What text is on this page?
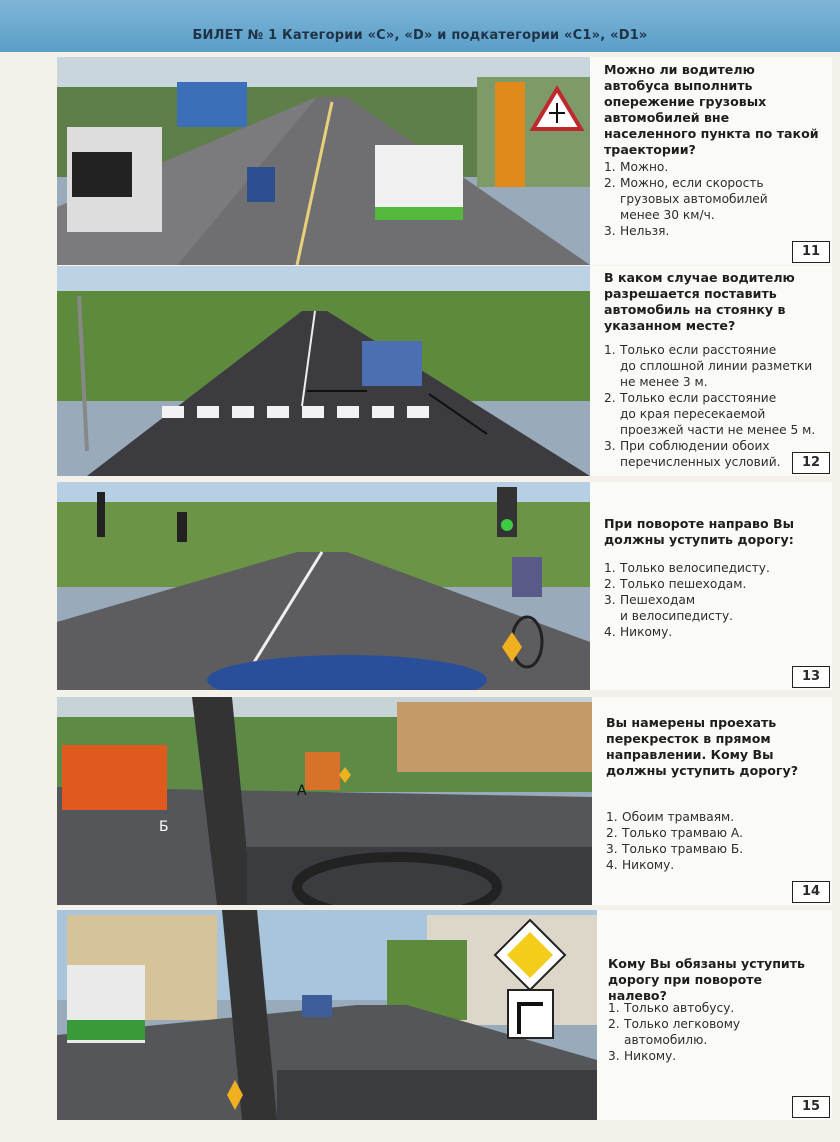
БИЛЕТ № 1 Категории «C», «D» и подкатегории «C1», «D1»
Можно ли водителю автобуса выполнить опережение грузовых автомобилей вне населенного пункта по такой траектории?
1. Можно.
2. Можно, если скорость
грузовых автомобилей
менее 30 км/ч.
3. Нельзя.
11
В каком случае водителю разрешается поставить автомобиль на стоянку в указанном месте?
1. Только если расстояние
до сплошной линии разметки
не менее 3 м.
2. Только если расстояние
до края пересекаемой
проезжей части не менее 5 м.
3. При соблюдении обоих
перечисленных условий.	12
При повороте направо Вы должны уступить дорогу:
1. Только велосипедисту.
2. Только пешеходам.
3. Пешеходам
и велосипедисту.
4. Никому.
13
А
Б
Вы намерены проехать перекресток в прямом направлении. Кому Вы должны уступить дорогу?
1. Обоим трамваям.
2. Только трамваю А.
3. Только трамваю Б.
4. Никому.
14
Кому Вы обязаны уступить дорогу при повороте налево?
1. Только автобусу.
2. Только легковому
автомобилю.
3. Никому.
15
